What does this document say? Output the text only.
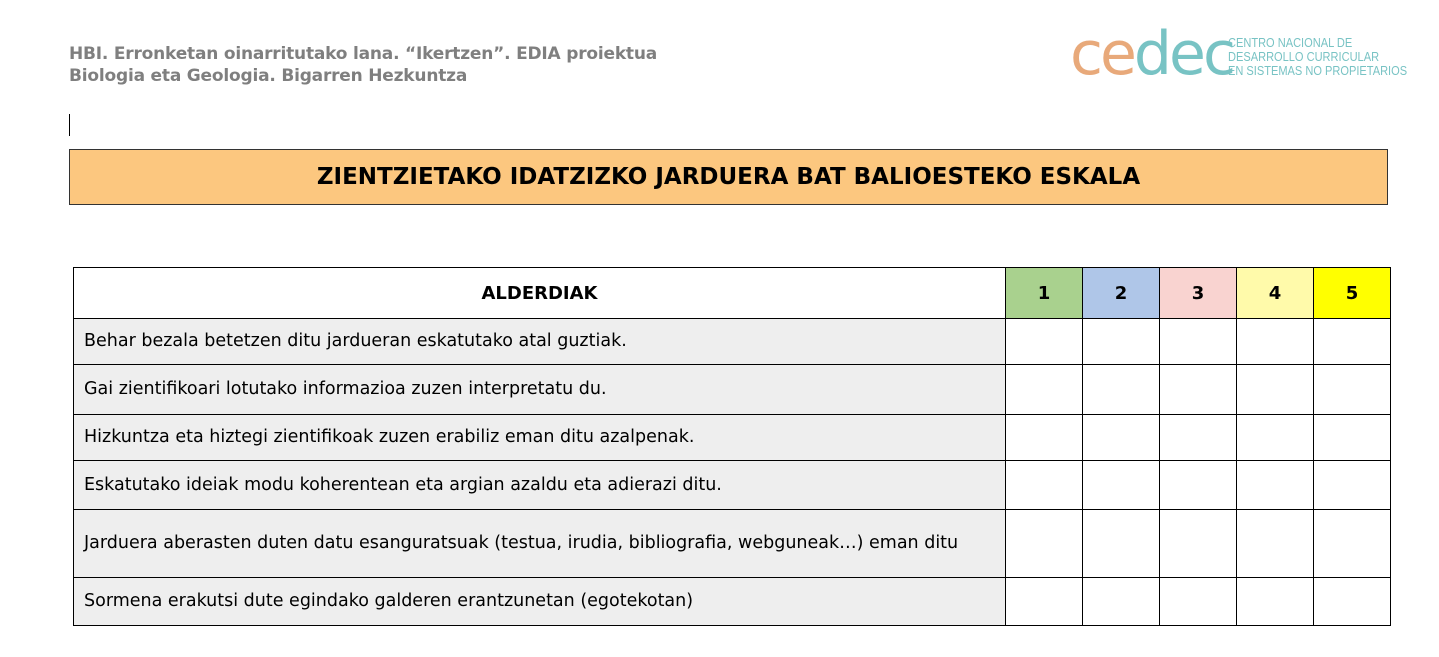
HBI. Erronketan oinarritutako lana. “Ikertzen”. EDIA proiektua
Biologia eta Geologia. Bigarren Hezkuntza	cedec
CENTRO NACIONAL DE
DESARROLLO CURRICULAR
EN SISTEMAS NO PROPIETARIOS
ZIENTZIETAKO IDATZIZKO JARDUERA BAT BALIOESTEKO ESKALA
ALDERDIAK	1	2	3	4	5
Behar bezala betetzen ditu jardueran eskatutako atal guztiak.					
Gai zientifikoari lotutako informazioa zuzen interpretatu du.					
Hizkuntza eta hiztegi zientifikoak zuzen erabiliz eman ditu azalpenak.					
Eskatutako ideiak modu koherentean eta argian azaldu eta adierazi ditu.					
Jarduera aberasten duten datu esanguratsuak (testua, irudia, bibliografia, webguneak…) eman ditu					
Sormena erakutsi dute egindako galderen erantzunetan (egotekotan)					
